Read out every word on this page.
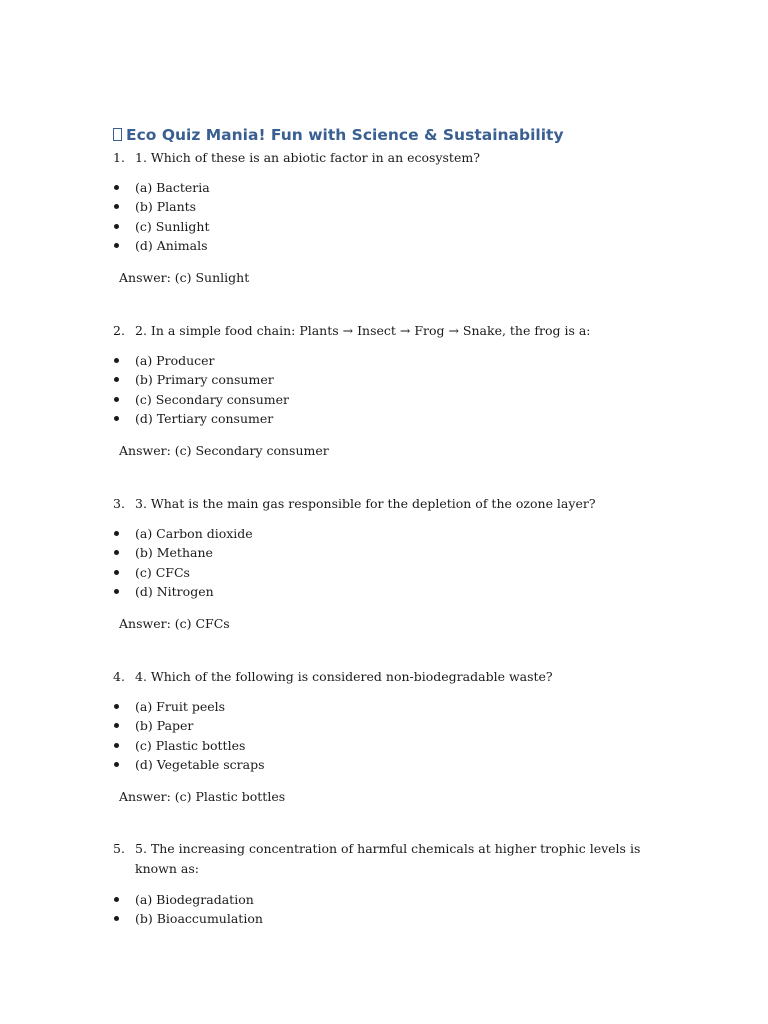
Eco Quiz Mania! Fun with Science & Sustainability
1. 1. Which of these is an abiotic factor in an ecosystem?
(a) Bacteria
(b) Plants
(c) Sunlight
(d) Animals
Answer: (c) Sunlight
2. 2. In a simple food chain: Plants → Insect → Frog → Snake, the frog is a:
(a) Producer
(b) Primary consumer
(c) Secondary consumer
(d) Tertiary consumer
Answer: (c) Secondary consumer
3. 3. What is the main gas responsible for the depletion of the ozone layer?
(a) Carbon dioxide
(b) Methane
(c) CFCs
(d) Nitrogen
Answer: (c) CFCs
4. 4. Which of the following is considered non-biodegradable waste?
(a) Fruit peels
(b) Paper
(c) Plastic bottles
(d) Vegetable scraps
Answer: (c) Plastic bottles
5. 5. The increasing concentration of harmful chemicals at higher trophic levels is known as:
(a) Biodegradation
(b) Bioaccumulation
